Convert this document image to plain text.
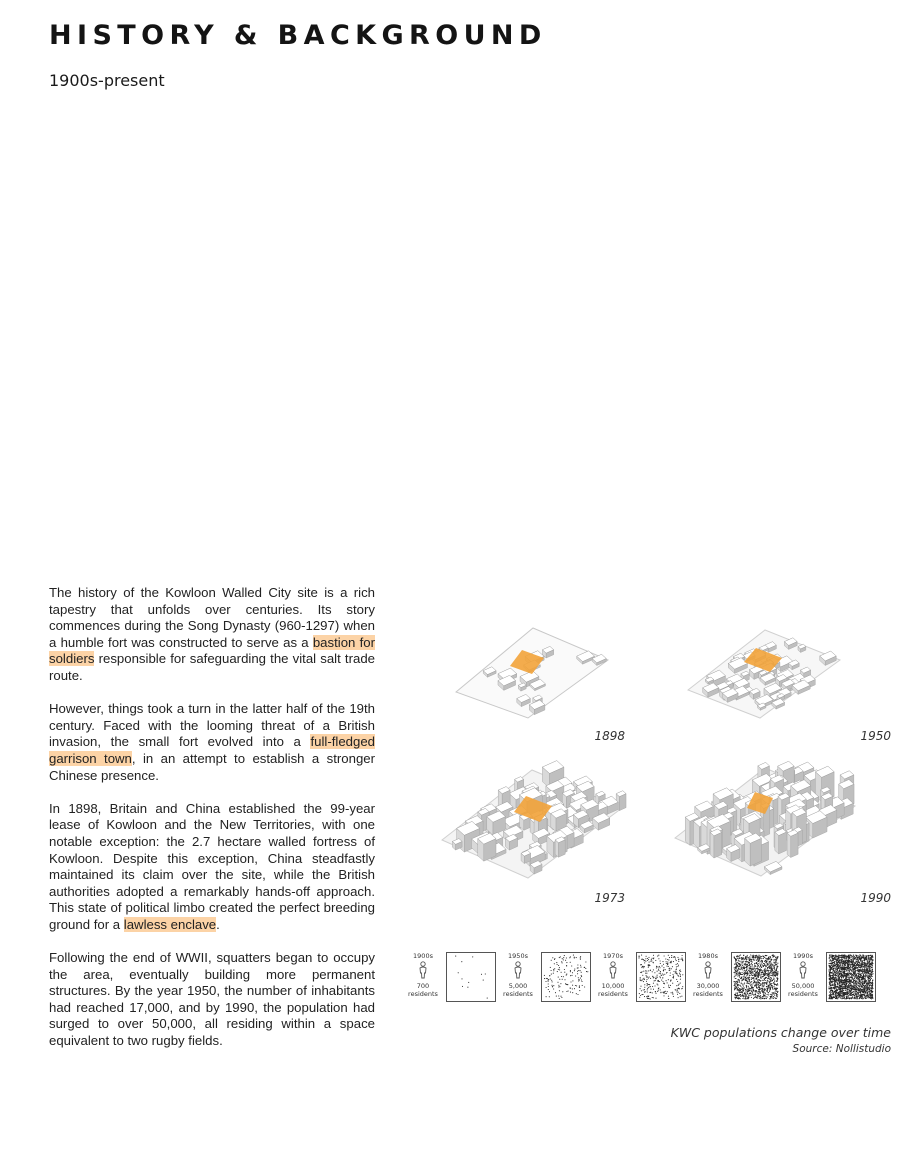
HISTORY & BACKGROUND
1900s-present

The history of the Kowloon Walled City site is a rich tapestry that unfolds over centuries. Its story commences during the Song Dynasty (960-1297) when a humble fort was constructed to serve as a bastion for soldiers responsible for safeguarding the vital salt trade route.

However, things took a turn in the latter half of the 19th century. Faced with the looming threat of a British invasion, the small fort evolved into a full-fledged garrison town, in an attempt to establish a stronger Chinese presence.

In 1898, Britain and China established the 99-year lease of Kowloon and the New Territories, with one notable exception: the 2.7 hectare walled fortress of Kowloon. Despite this exception, China steadfastly maintained its claim over the site, while the British authorities adopted a remarkably hands-off approach. This state of political limbo created the perfect breeding ground for a lawless enclave.

Following the end of WWII, squatters began to occupy the area, eventually building more permanent structures. By the year 1950, the number of inhabitants had reached 17,000, and by 1990, the population had surged to over 50,000, all residing within a space equivalent to two rugby fields.

1898	1950
1973	1990
1900s
700
residents
1950s
5,000
residents
1970s
10,000
residents
1980s
30,000
residents
1990s
50,000
residents
KWC populations change over time
Source: Nollistudio
